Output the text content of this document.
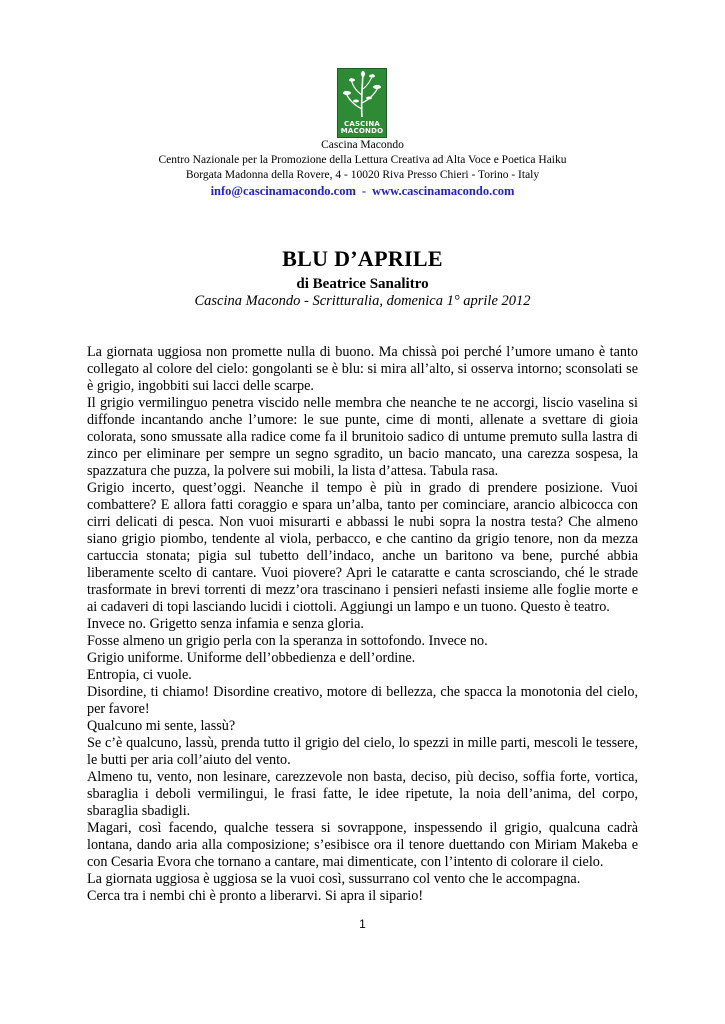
CASCINA
MACONDO
Cascina Macondo
Centro Nazionale per la Promozione della Lettura Creativa ad Alta Voce e Poetica Haiku
Borgata Madonna della Rovere, 4 - 10020 Riva Presso Chieri - Torino - Italy
info@cascinamacondo.com - www.cascinamacondo.com
BLU D’APRILE
di Beatrice Sanalitro
Cascina Macondo - Scritturalia, domenica 1° aprile 2012

La giornata uggiosa non promette nulla di buono. Ma chissà poi perché l’umore umano è tanto collegato al colore del cielo: gongolanti se è blu: si mira all’alto, si osserva intorno; sconsolati se è grigio, ingobbiti sui lacci delle scarpe.

Il grigio vermilinguo penetra viscido nelle membra che neanche te ne accorgi, liscio vaselina si diffonde incantando anche l’umore: le sue punte, cime di monti, allenate a svettare di gioia colorata, sono smussate alla radice come fa il brunitoio sadico di untume premuto sulla lastra di zinco per eliminare per sempre un segno sgradito, un bacio mancato, una carezza sospesa, la spazzatura che puzza, la polvere sui mobili, la lista d’attesa. Tabula rasa.

Grigio incerto, quest’oggi. Neanche il tempo è più in grado di prendere posizione. Vuoi combattere? E allora fatti coraggio e spara un’alba, tanto per cominciare, arancio albicocca con cirri delicati di pesca. Non vuoi misurarti e abbassi le nubi sopra la nostra testa? Che almeno siano grigio piombo, tendente al viola, perbacco, e che cantino da grigio tenore, non da mezza cartuccia stonata; pigia sul tubetto dell’indaco, anche un baritono va bene, purché abbia liberamente scelto di cantare. Vuoi piovere? Apri le cataratte e canta scrosciando, ché le strade trasformate in brevi torrenti di mezz’ora trascinano i pensieri nefasti insieme alle foglie morte e ai cadaveri di topi lasciando lucidi i ciottoli. Aggiungi un lampo e un tuono. Questo è teatro.

Invece no. Grigetto senza infamia e senza gloria.

Fosse almeno un grigio perla con la speranza in sottofondo. Invece no.

Grigio uniforme. Uniforme dell’obbedienza e dell’ordine.

Entropia, ci vuole.

Disordine, ti chiamo! Disordine creativo, motore di bellezza, che spacca la monotonia del cielo, per favore!

Qualcuno mi sente, lassù?

Se c’è qualcuno, lassù, prenda tutto il grigio del cielo, lo spezzi in mille parti, mescoli le tessere, le butti per aria coll’aiuto del vento.

Almeno tu, vento, non lesinare, carezzevole non basta, deciso, più deciso, soffia forte, vortica, sbaraglia i deboli vermilingui, le frasi fatte, le idee ripetute, la noia dell’anima, del corpo, sbaraglia sbadigli.

Magari, così facendo, qualche tessera si sovrappone, inspessendo il grigio, qualcuna cadrà lontana, dando aria alla composizione; s’esibisce ora il tenore duettando con Miriam Makeba e con Cesaria Evora che tornano a cantare, mai dimenticate, con l’intento di colorare il cielo.

La giornata uggiosa è uggiosa se la vuoi così, sussurrano col vento che le accompagna.

Cerca tra i nembi chi è pronto a liberarvi. Si apra il sipario!

1
